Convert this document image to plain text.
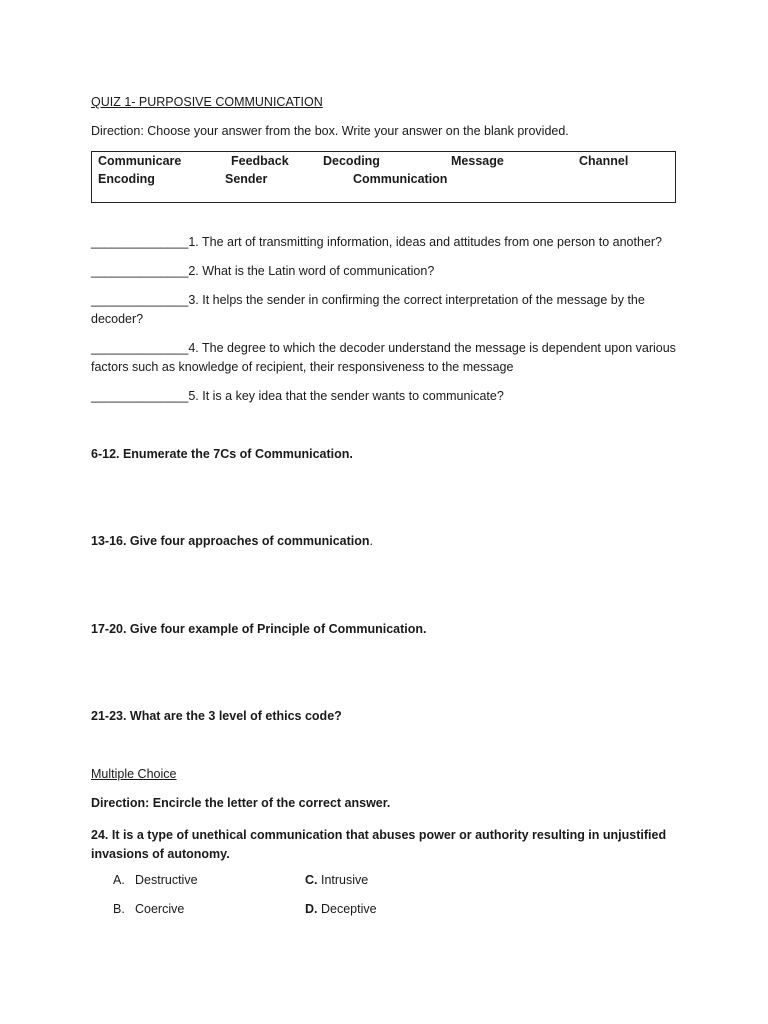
QUIZ 1- PURPOSIVE COMMUNICATION
Direction: Choose your answer from the box. Write your answer on the blank provided.
Communicare	Feedback	Decoding	Message	Channel
Encoding	Sender	Communication
______________1. The art of transmitting information, ideas and attitudes from one person to another?
______________2. What is the Latin word of communication?
______________3. It helps the sender in confirming the correct interpretation of the message by the
decoder?
______________4. The degree to which the decoder understand the message is dependent upon various
factors such as knowledge of recipient, their responsiveness to the message
______________5. It is a key idea that the sender wants to communicate?
6-12. Enumerate the 7Cs of Communication.
13-16. Give four approaches of communication.
17-20. Give four example of Principle of Communication.
21-23. What are the 3 level of ethics code?
Multiple Choice
Direction: Encircle the letter of the correct answer.
24. It is a type of unethical communication that abuses power or authority resulting in unjustified
invasions of autonomy.
A. Destructive
B. Coercive
C. Intrusive
D. Deceptive
